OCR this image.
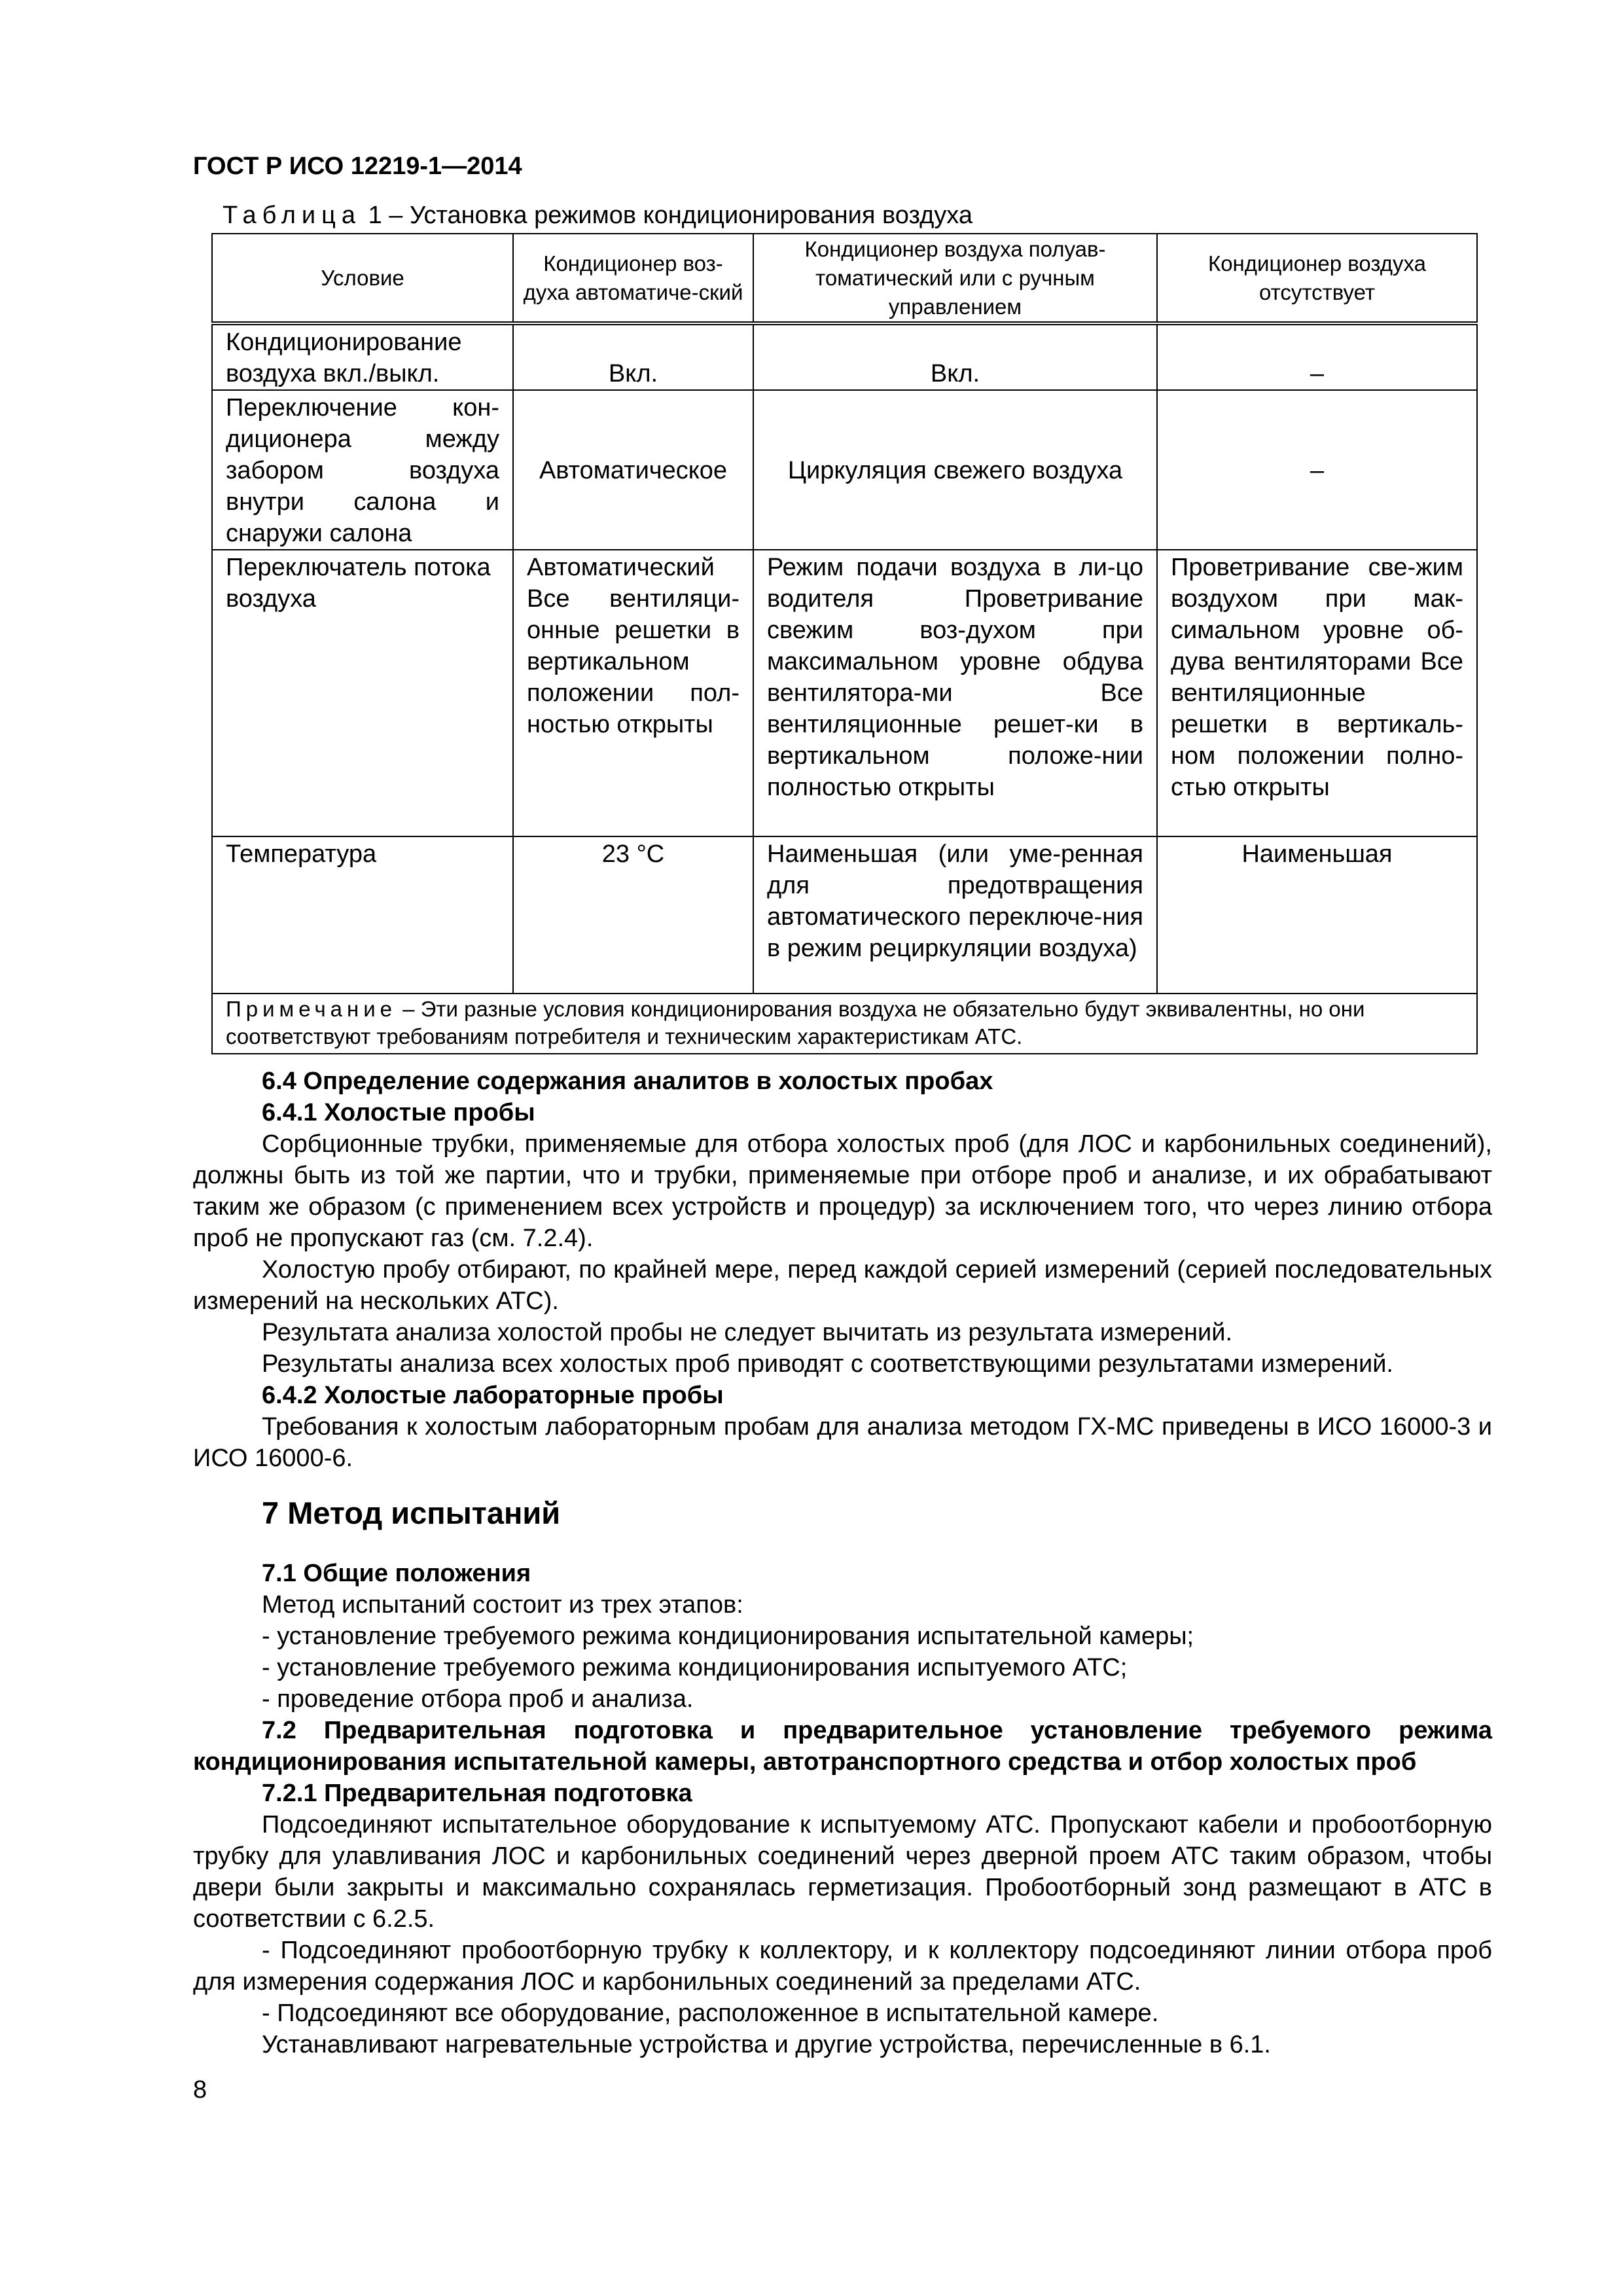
ГОСТ Р ИСО 12219-1—2014
Таблица 1 – Установка режимов кондиционирования воздуха
Условие	Кондиционер воз-духа автоматиче-ский	Кондиционер воздуха полуав-томатический или с ручным управлением	Кондиционер воздуха отсутствует
Кондиционирование воздуха вкл./выкл.	Вкл.	Вкл.	–
Переключение кон-диционера между забором воздуха внутри салона и снаружи салона	Автоматическое	Циркуляция свежего воздуха	–
Переключатель потока воздуха	Автоматический Все вентиляци-онные решетки в вертикальном положении пол-ностью открыты	Режим подачи воздуха в ли-цо водителя Проветривание свежим воз-духом при максимальном уровне обдува вентилятора-ми Все вентиляционные решет-ки в вертикальном положе-нии полностью открыты	Проветривание све-жим воздухом при мак-симальном уровне об-дува вентиляторами Все вентиляционные решетки в вертикаль-ном положении полно-стью открыты
Температура	23 °C	Наименьшая (или уме-ренная для предотвращения автоматического переключе-ния в режим рециркуляции воздуха)	Наименьшая
Примечание – Эти разные условия кондиционирования воздуха не обязательно будут эквивалентны, но они соответствуют требованиям потребителя и техническим характеристикам АТС.			

6.4 Определение содержания аналитов в холостых пробах

6.4.1 Холостые пробы

Сорбционные трубки, применяемые для отбора холостых проб (для ЛОС и карбонильных соединений), должны быть из той же партии, что и трубки, применяемые при отборе проб и анализе, и их обрабатывают таким же образом (с применением всех устройств и процедур) за исключением того, что через линию отбора проб не пропускают газ (см. 7.2.4).

Холостую пробу отбирают, по крайней мере, перед каждой серией измерений (серией последовательных измерений на нескольких АТС).

Результата анализа холостой пробы не следует вычитать из результата измерений.

Результаты анализа всех холостых проб приводят с соответствующими результатами измерений.

6.4.2 Холостые лабораторные пробы

Требования к холостым лабораторным пробам для анализа методом ГХ-МС приведены в ИСО 16000-3 и ИСО 16000-6.

7 Метод испытаний

7.1 Общие положения

Метод испытаний состоит из трех этапов:

- установление требуемого режима кондиционирования испытательной камеры;

- установление требуемого режима кондиционирования испытуемого АТС;

- проведение отбора проб и анализа.

7.2 Предварительная подготовка и предварительное установление требуемого режима кондиционирования испытательной камеры, автотранспортного средства и отбор холостых проб

7.2.1 Предварительная подготовка

Подсоединяют испытательное оборудование к испытуемому АТС. Пропускают кабели и пробоотборную трубку для улавливания ЛОС и карбонильных соединений через дверной проем АТС таким образом, чтобы двери были закрыты и максимально сохранялась герметизация. Пробоотборный зонд размещают в АТС в соответствии с 6.2.5.

- Подсоединяют пробоотборную трубку к коллектору, и к коллектору подсоединяют линии отбора проб для измерения содержания ЛОС и карбонильных соединений за пределами АТС.

- Подсоединяют все оборудование, расположенное в испытательной камере.

Устанавливают нагревательные устройства и другие устройства, перечисленные в 6.1.

8
